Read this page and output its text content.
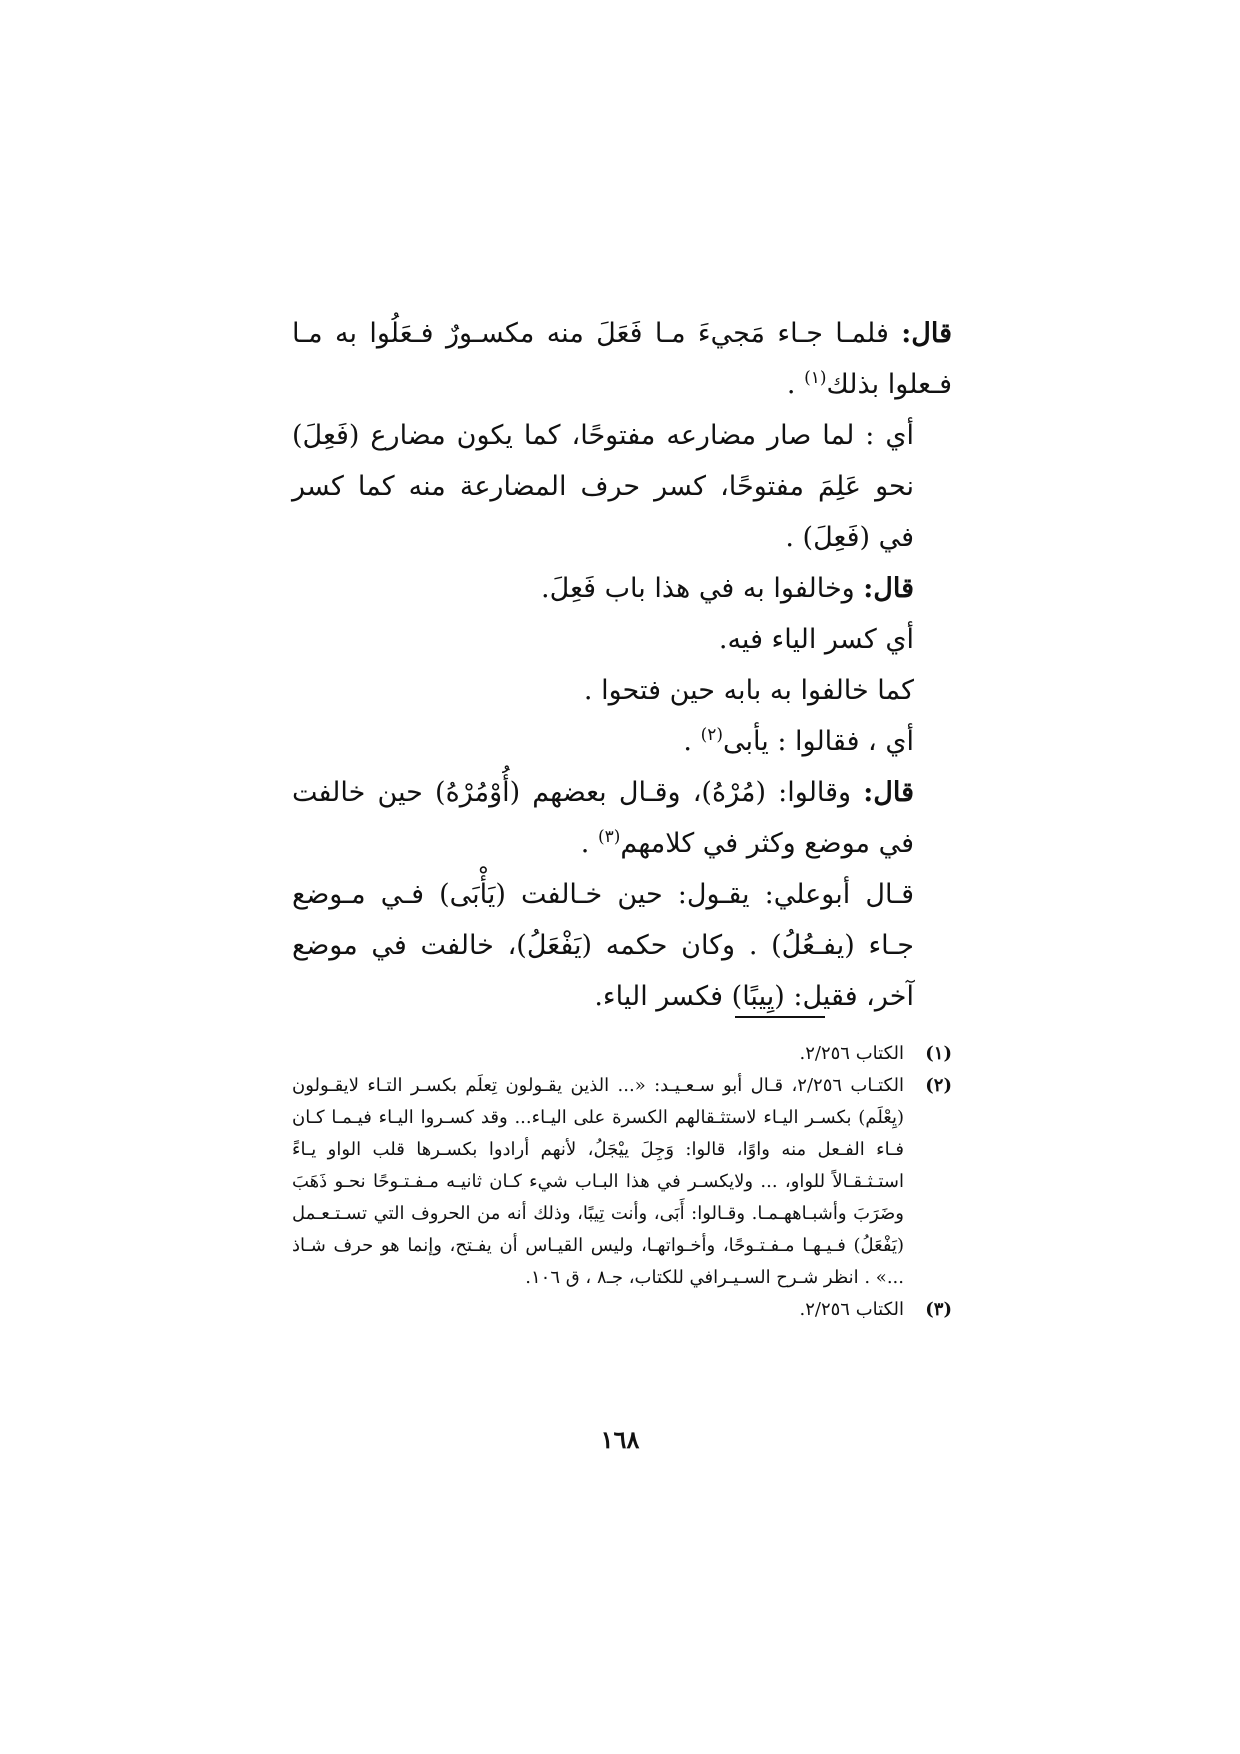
قال: فلمـا جـاء مَجيءَ مـا فَعَلَ منه مكسـورٌ فـعَلُوا به مـا فـعلوا بذلك$^{(١)}$ .

أي : لما صار مضارعه مفتوحًا، كما يكون مضارع (فَعِلَ) نحو عَلِمَ مفتوحًا، كسر حرف المضارعة منه كما كسر في (فَعِلَ) .

قال: وخالفوا به في هذا باب فَعِلَ.

أي كسر الياء فيه.

كما خالفوا به بابه حين فتحوا .

أي ، فقالوا : يأبى$^{(٢)}$ .

قال: وقالوا: (مُرْهُ)، وقـال بعضهم (أُوْمُرْهُ) حين خالفت في موضع وكثر في كلامهم$^{(٣)}$ .

قـال أبوعلي: يقـول: حين خـالفت (يَأْبَى) فـي مـوضع جـاء (يفـعُلُ) . وكان حكمه (يَفْعَلُ)، خالفت في موضع آخر، فقيل: (يِيبًا) فكسر الياء.

(١)
الكتاب ٢/٢٥٦.
(٢)
الكتـاب ٢/٢٥٦، قـال أبو سـعـيـد: «... الذين يقـولون تِعلَم بكسـر التـاء لايقـولون (يِعْلَم) بكسـر اليـاء لاستثـقالهم الكسرة على اليـاء... وقد كسـروا اليـاء فيـمـا كـان فـاء الفـعل منه واوًا، قالوا: وَجِلَ ييْجَلُ، لأنهم أرادوا بكسـرها قلب الواو يـاءً استـثـقـالاً للواو، ... ولايكسـر في هذا البـاب شيء كـان ثانيـه مـفـتـوحًا نحـو ذَهَبَ وضَرَبَ وأشبـاههـمـا. وقـالوا: أَبَى، وأنت تِيبًا، وذلك أنه من الحروف التي تسـتـعـمل (يَفْعَلُ) فـيـهـا مـفـتـوحًا، وأخـواتهـا، وليس القيـاس أن يفـتح، وإنما هو حرف شـاذ ...» . انظر شـرح السـيـرافي للكتاب، جـ٨ ، ق ١٠٦.
(٣)
الكتاب ٢/٢٥٦.
١٦٨
